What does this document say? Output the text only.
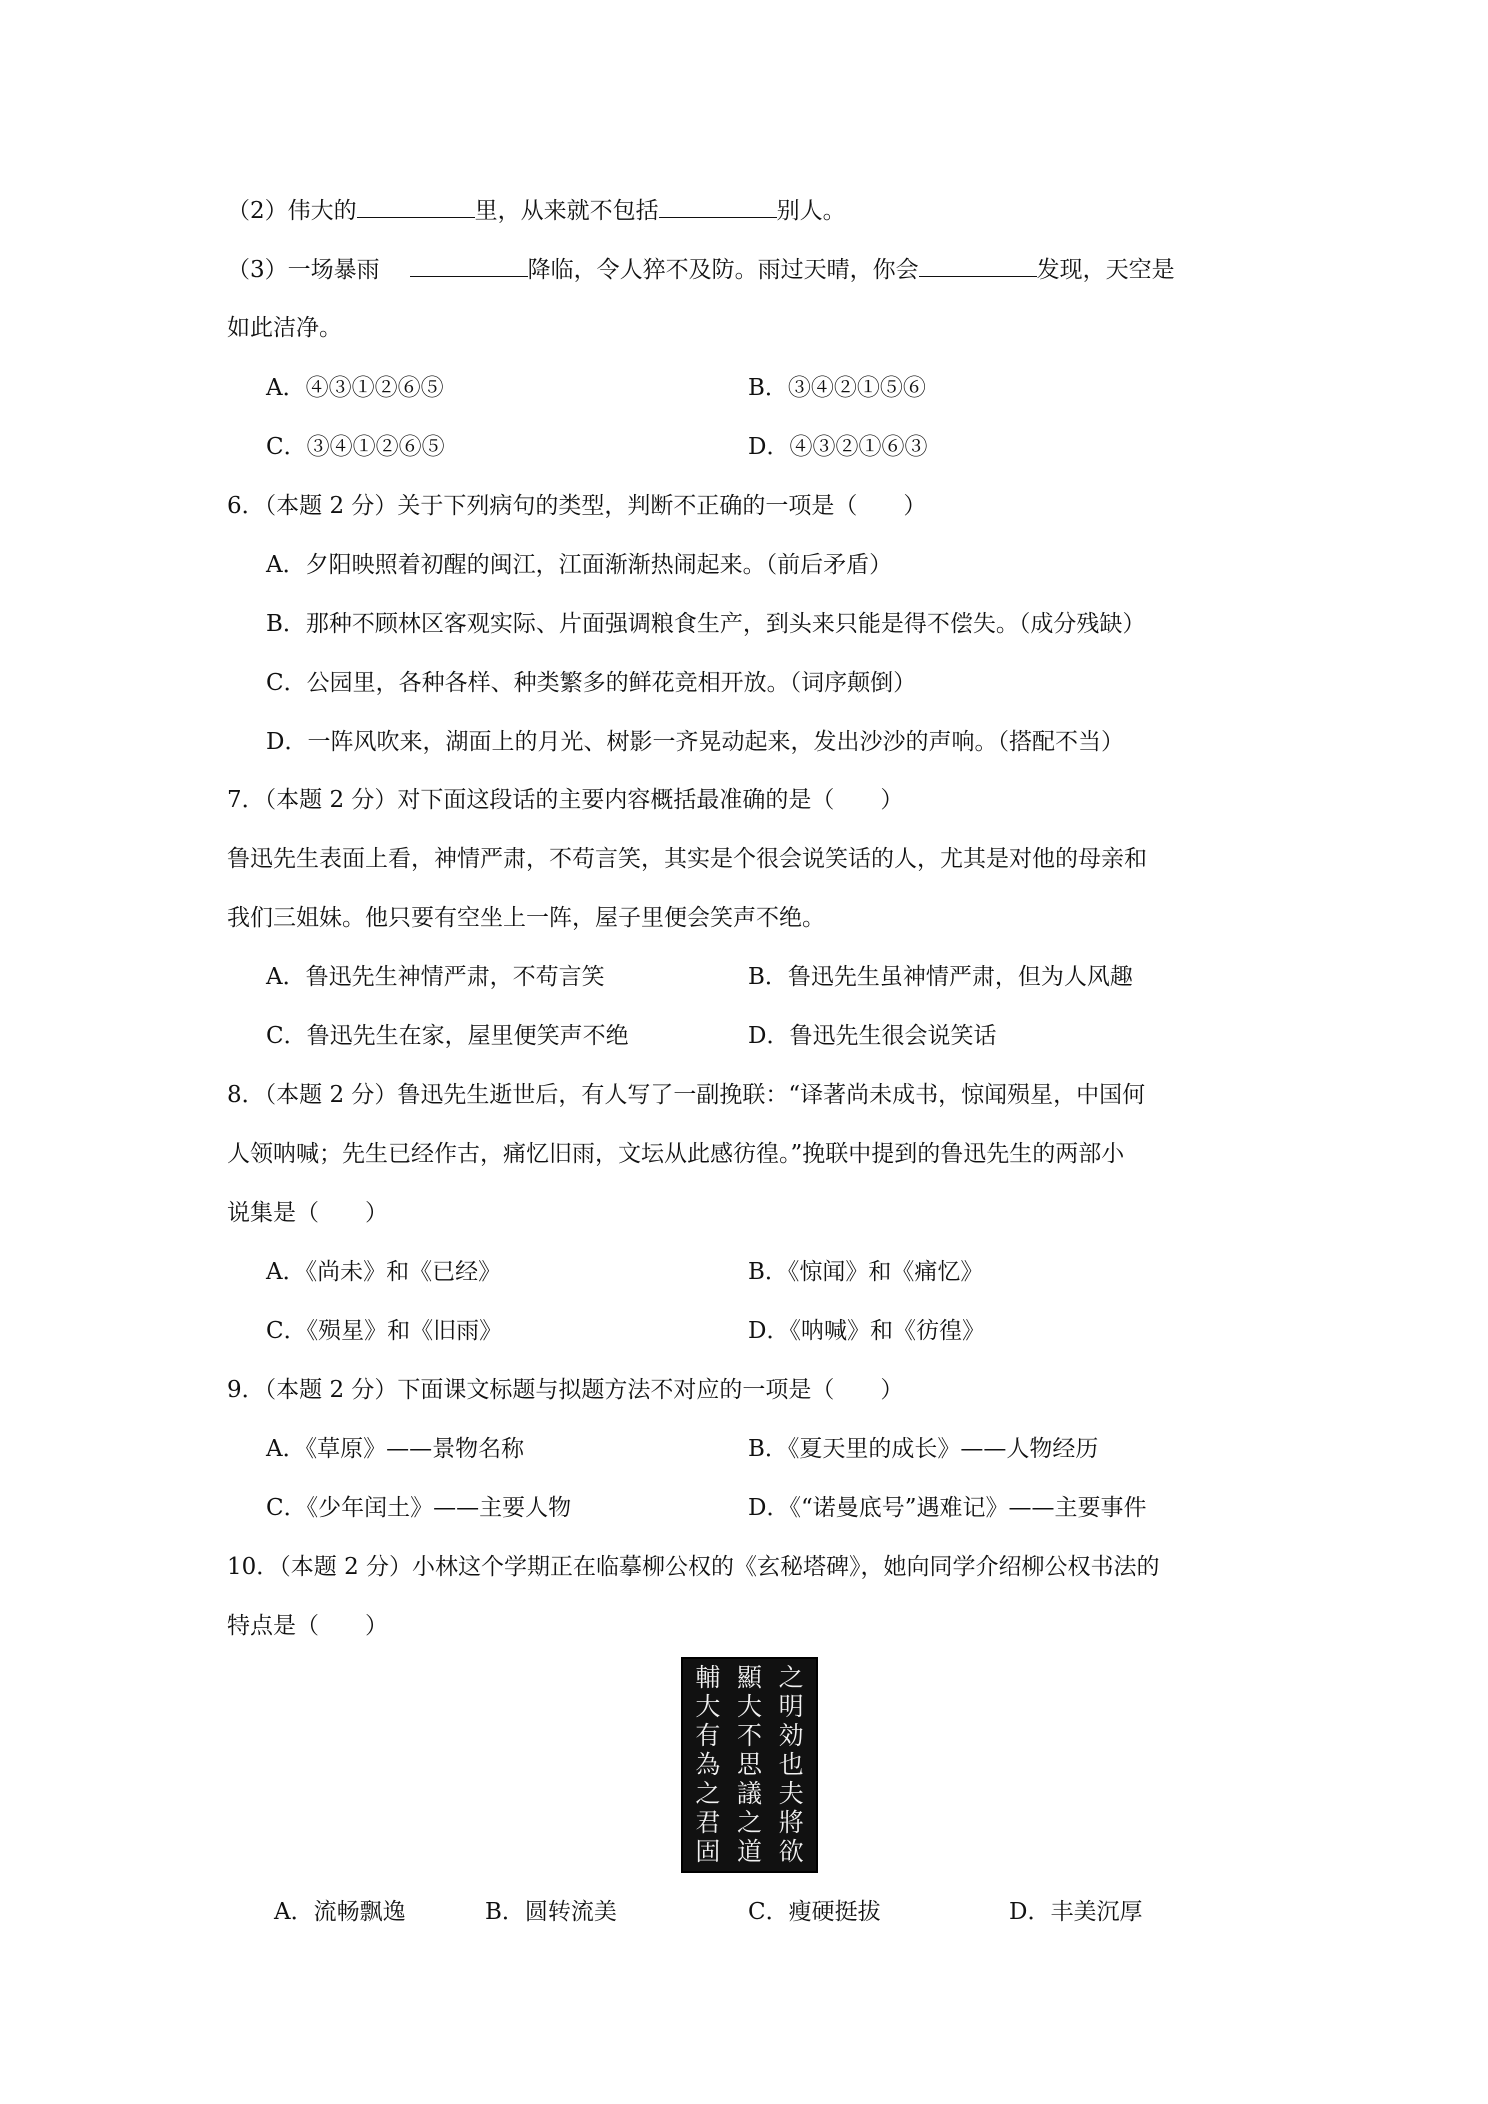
（2）伟大的	里，从来就不包括	别人。
（3）一场暴雨	降临，令人猝不及防。雨过天晴，你会	发现，天空是
如此洁净。
A．④③①②⑥⑤	B．③④②①⑤⑥
C．③④①②⑥⑤	D．④③②①⑥③
6．（本题 2 分）关于下列病句的类型，判断不正确的一项是（　　）
A．夕阳映照着初醒的闽江，江面渐渐热闹起来。（前后矛盾）
B．那种不顾林区客观实际、片面强调粮食生产，到头来只能是得不偿失。（成分残缺）
C．公园里，各种各样、种类繁多的鲜花竞相开放。（词序颠倒）
D．一阵风吹来，湖面上的月光、树影一齐晃动起来，发出沙沙的声响。（搭配不当）
7．（本题 2 分）对下面这段话的主要内容概括最准确的是（　　）
鲁迅先生表面上看，神情严肃，不苟言笑，其实是个很会说笑话的人，尤其是对他的母亲和
我们三姐妹。他只要有空坐上一阵，屋子里便会笑声不绝。
A．鲁迅先生神情严肃，不苟言笑	B．鲁迅先生虽神情严肃，但为人风趣
C．鲁迅先生在家，屋里便笑声不绝	D．鲁迅先生很会说笑话
8．（本题 2 分）鲁迅先生逝世后，有人写了一副挽联：“译著尚未成书，惊闻殒星，中国何
人领呐喊；先生已经作古，痛忆旧雨，文坛从此感彷徨。”挽联中提到的鲁迅先生的两部小
说集是（　　）
A．《尚未》和《已经》	B．《惊闻》和《痛忆》
C．《殒星》和《旧雨》	D．《呐喊》和《彷徨》
9．（本题 2 分）下面课文标题与拟题方法不对应的一项是（　　）
A．《草原》——景物名称	B．《夏天里的成长》——人物经历
C．《少年闰土》——主要人物	D．《“诺曼底号”遇难记》——主要事件
10．（本题 2 分）小林这个学期正在临摹柳公权的《玄秘塔碑》，她向同学介绍柳公权书法的
特点是（　　）
之
明
効
也
夫
將
欲
顯
大
不
思
議
之
道
輔
大
有
為
之
君
固
A．流畅飘逸	B．圆转流美	C．瘦硬挺拔	D．丰美沉厚
